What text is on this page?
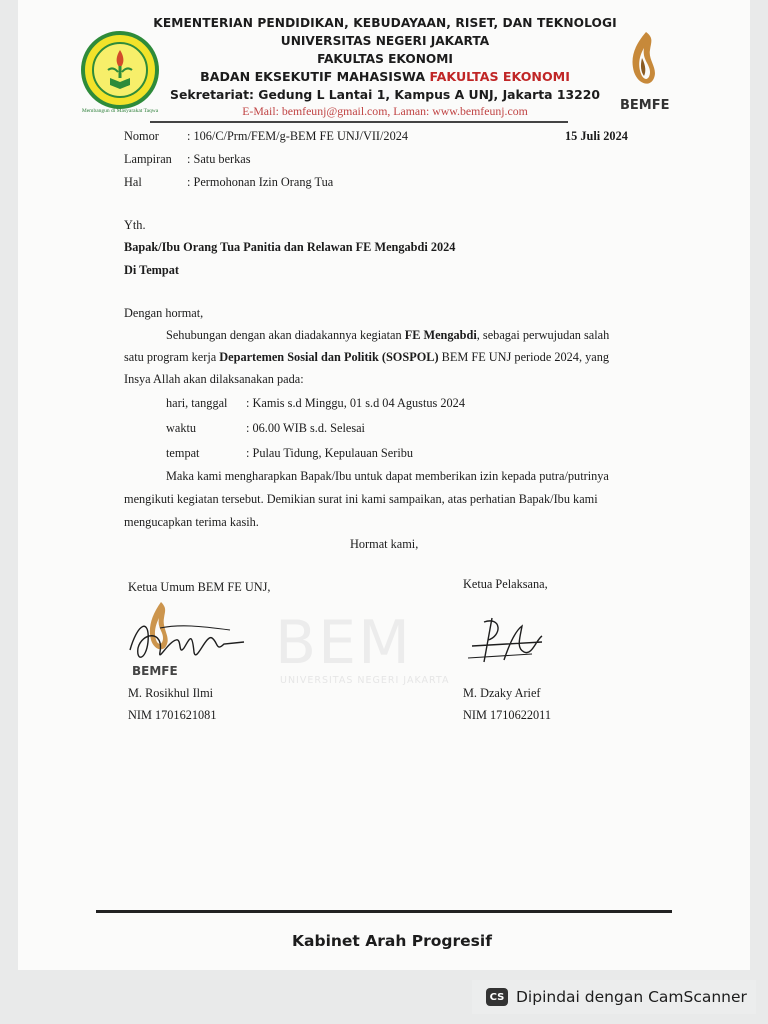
Membangun di Masyarakat Taqwa	BEMFE
KEMENTERIAN PENDIDIKAN, KEBUDAYAAN, RISET, DAN TEKNOLOGI
UNIVERSITAS NEGERI JAKARTA
FAKULTAS EKONOMI
BADAN EKSEKUTIF MAHASISWA FAKULTAS EKONOMI
Sekretariat: Gedung L Lantai 1, Kampus A UNJ, Jakarta 13220
E-Mail: bemfeunj@gmail.com, Laman: www.bemfeunj.com
Nomor : 106/C/Prm/FEM/g-BEM FE UNJ/VII/2024	15 Juli 2024
Lampiran : Satu berkas
Hal	: Permohonan Izin Orang Tua
Yth.
Bapak/Ibu Orang Tua Panitia dan Relawan FE Mengabdi 2024
Di Tempat
Dengan hormat,
Sehubungan dengan akan diadakannya kegiatan FE Mengabdi, sebagai perwujudan salah
satu program kerja Departemen Sosial dan Politik (SOSPOL) BEM FE UNJ periode 2024, yang
Insya Allah akan dilaksanakan pada:
hari, tanggal : Kamis s.d Minggu, 01 s.d 04 Agustus 2024
waktu	: 06.00 WIB s.d. Selesai
tempat	: Pulau Tidung, Kepulauan Seribu
Maka kami mengharapkan Bapak/Ibu untuk dapat memberikan izin kepada putra/putrinya
mengikuti kegiatan tersebut. Demikian surat ini kami sampaikan, atas perhatian Bapak/Ibu kami
mengucapkan terima kasih.
Hormat kami,
Ketua Umum BEM FE UNJ,	Ketua Pelaksana,
BEM
UNIVERSITAS NEGERI JAKARTA
BEMFE
M. Rosikhul Ilmi
NIM 1701621081
M. Dzaky Arief
NIM 1710622011
Kabinet Arah Progresif
CS Dipindai dengan CamScanner
